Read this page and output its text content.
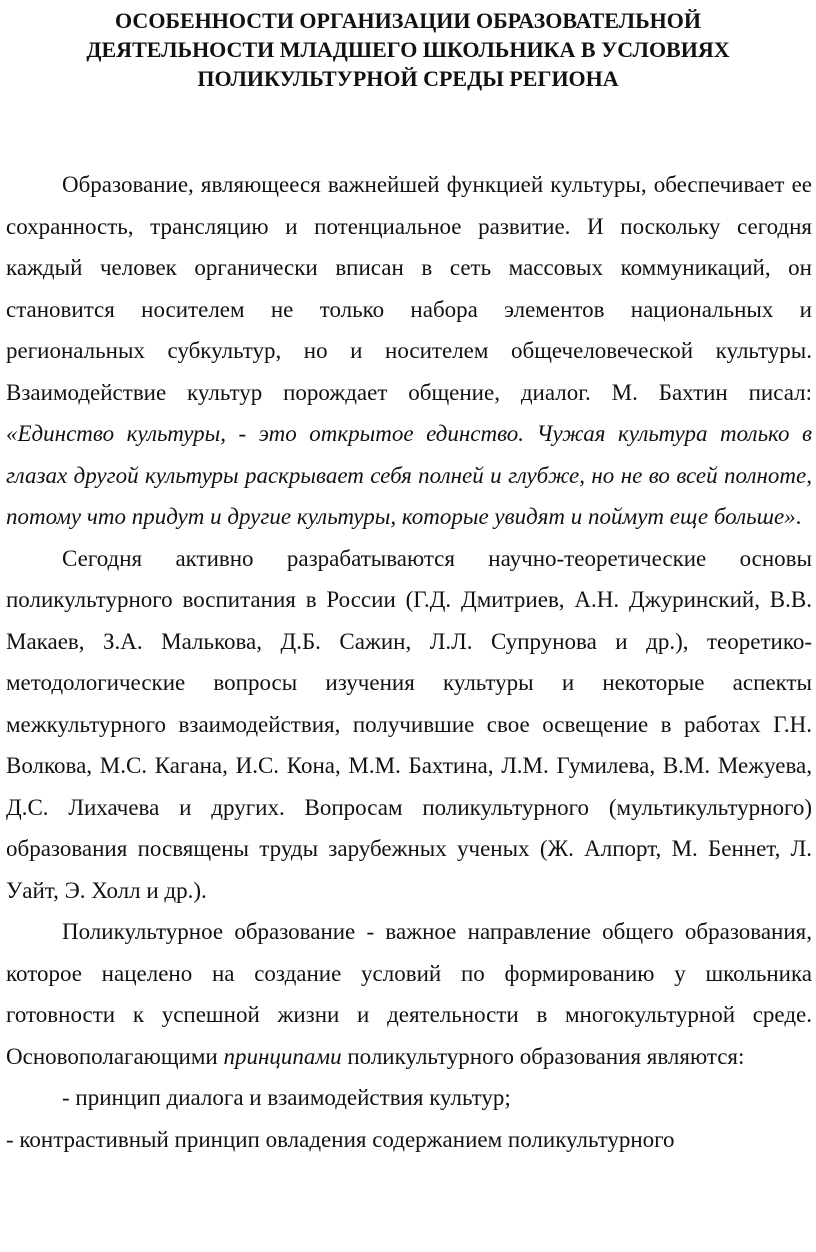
ОСОБЕННОСТИ ОРГАНИЗАЦИИ ОБРАЗОВАТЕЛЬНОЙ
ДЕЯТЕЛЬНОСТИ МЛАДШЕГО ШКОЛЬНИКА В УСЛОВИЯХ
ПОЛИКУЛЬТУРНОЙ СРЕДЫ РЕГИОНА

Образование, являющееся важнейшей функцией культуры, обеспечивает ее сохранность, трансляцию и потенциальное развитие. И поскольку сегодня каждый человек органически вписан в сеть массовых коммуникаций, он становится носителем не только набора элементов национальных и региональных субкультур, но и носителем общечеловеческой культуры. Взаимодействие культур порождает общение, диалог. М. Бахтин писал: «Единство культуры, - это открытое единство. Чужая культура только в глазах другой культуры раскрывает себя полней и глубже, но не во всей полноте, потому что придут и другие культуры, которые увидят и поймут еще больше».

Сегодня активно разрабатываются научно-теоретические основы поликультурного воспитания в России (Г.Д. Дмитриев, А.Н. Джуринский, В.В. Макаев, З.А. Малькова, Д.Б. Сажин, Л.Л. Супрунова и др.), теоретико-методологические вопросы изучения культуры и некоторые аспекты межкультурного взаимодействия, получившие свое освещение в работах Г.Н. Волкова, М.С. Кагана, И.С. Кона, М.М. Бахтина, Л.М. Гумилева, В.М. Межуева, Д.С. Лихачева и других. Вопросам поликультурного (мультикультурного) образования посвящены труды зарубежных ученых (Ж. Алпорт, М. Беннет, Л. Уайт, Э. Холл и др.).

Поликультурное образование - важное направление общего образования, которое нацелено на создание условий по формированию у школьника готовности к успешной жизни и деятельности в многокультурной среде. Основополагающими принципами поликультурного образования являются:

- принцип диалога и взаимодействия культур;

- контрастивный принцип овладения содержанием поликультурного
